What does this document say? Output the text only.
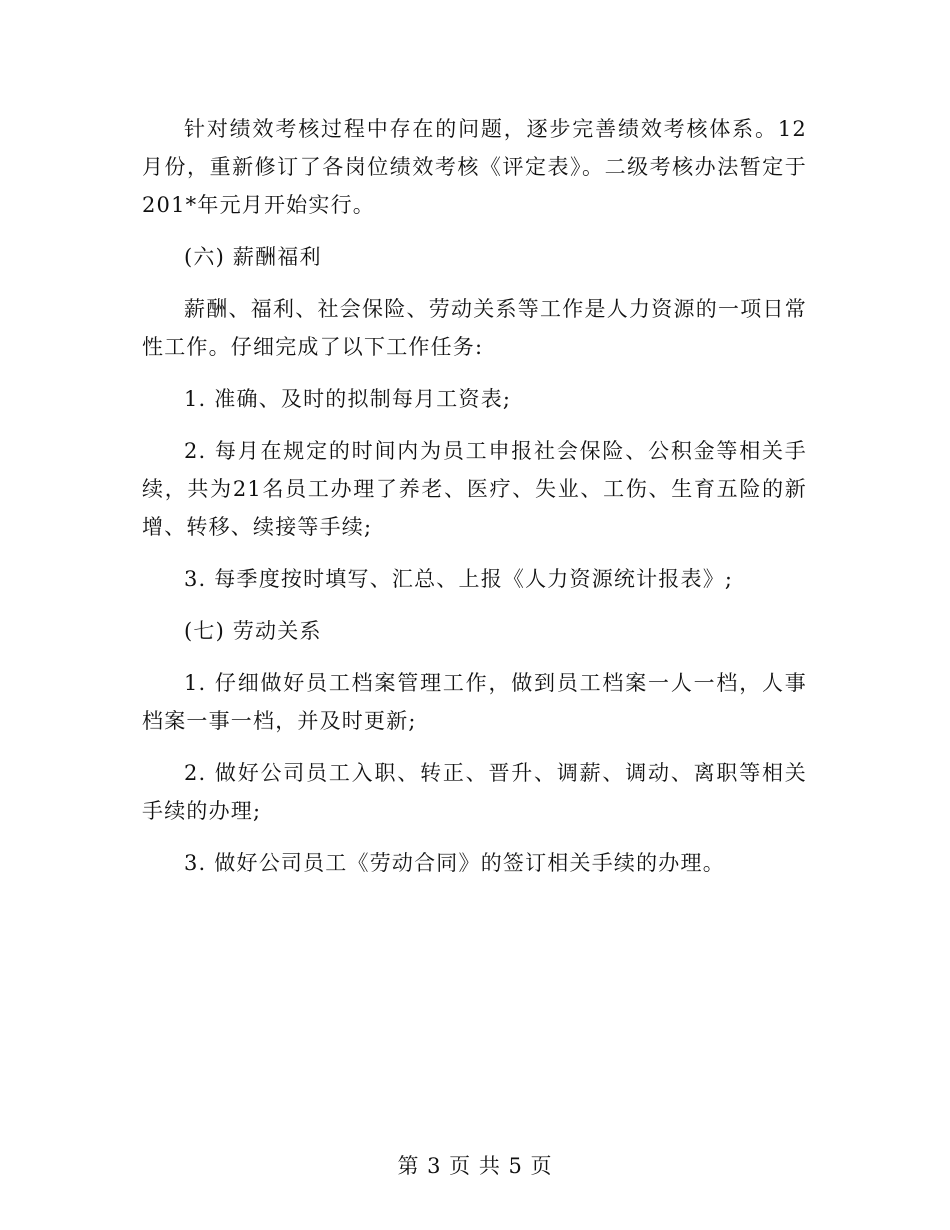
针对绩效考核过程中存在的问题，逐步完善绩效考核体系。12月份，重新修订了各岗位绩效考核《评定表》。二级考核办法暂定于201*年元月开始实行。

(六) 薪酬福利

薪酬、福利、社会保险、劳动关系等工作是人力资源的一项日常性工作。仔细完成了以下工作任务:

1. 准确、及时的拟制每月工资表;

2. 每月在规定的时间内为员工申报社会保险、公积金等相关手续，共为21名员工办理了养老、医疗、失业、工伤、生育五险的新增、转移、续接等手续;

3. 每季度按时填写、汇总、上报《人力资源统计报表》;

(七) 劳动关系

1. 仔细做好员工档案管理工作，做到员工档案一人一档，人事档案一事一档，并及时更新;

2. 做好公司员工入职、转正、晋升、调薪、调动、离职等相关手续的办理;

3. 做好公司员工《劳动合同》的签订相关手续的办理。

第 3 页 共 5 页
